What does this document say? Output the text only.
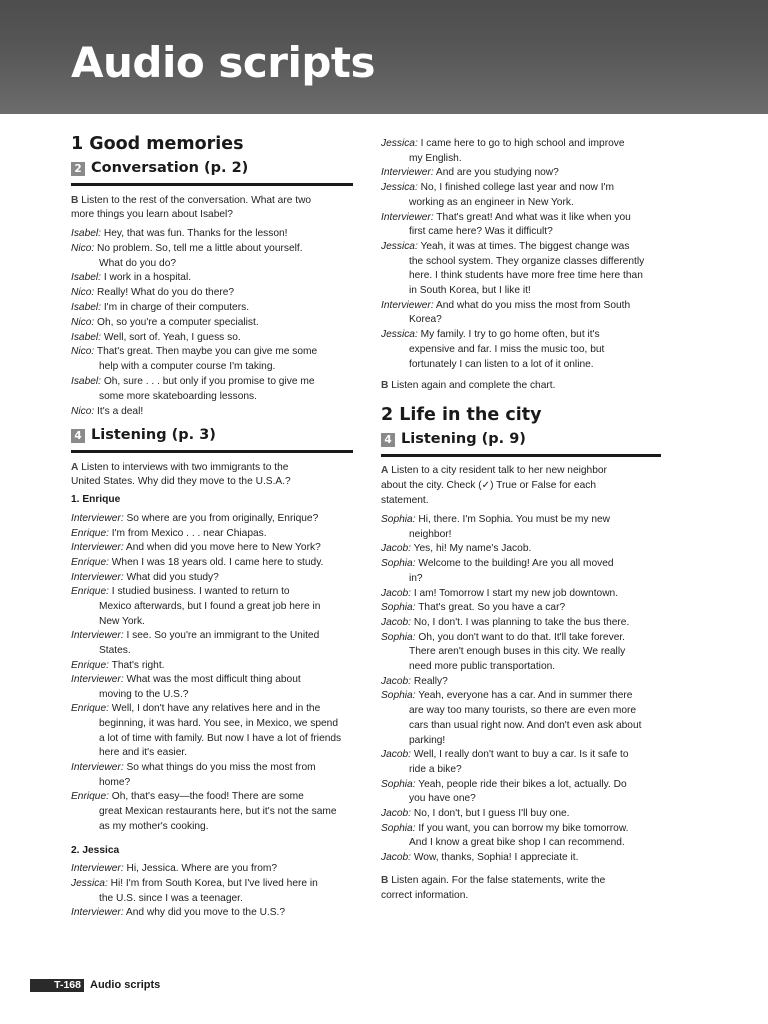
Audio scripts
1 Good memories
2 Conversation (p. 2)
B Listen to the rest of the conversation. What are two
more things you learn about Isabel?
Isabel: Hey, that was fun. Thanks for the lesson!
Nico: No problem. So, tell me a little about yourself.
What do you do?
Isabel: I work in a hospital.
Nico: Really! What do you do there?
Isabel: I'm in charge of their computers.
Nico: Oh, so you're a computer specialist.
Isabel: Well, sort of. Yeah, I guess so.
Nico: That's great. Then maybe you can give me some
help with a computer course I'm taking.
Isabel: Oh, sure . . . but only if you promise to give me
some more skateboarding lessons.
Nico: It's a deal!
4 Listening (p. 3)
A Listen to interviews with two immigrants to the
United States. Why did they move to the U.S.A.?
1. Enrique
Interviewer: So where are you from originally, Enrique?
Enrique: I'm from Mexico . . . near Chiapas.
Interviewer: And when did you move here to New York?
Enrique: When I was 18 years old. I came here to study.
Interviewer: What did you study?
Enrique: I studied business. I wanted to return to
Mexico afterwards, but I found a great job here in
New York.
Interviewer: I see. So you're an immigrant to the United
States.
Enrique: That's right.
Interviewer: What was the most difficult thing about
moving to the U.S.?
Enrique: Well, I don't have any relatives here and in the
beginning, it was hard. You see, in Mexico, we spend
a lot of time with family. But now I have a lot of friends
here and it's easier.
Interviewer: So what things do you miss the most from
home?
Enrique: Oh, that's easy—the food! There are some
great Mexican restaurants here, but it's not the same
as my mother's cooking.
2. Jessica
Interviewer: Hi, Jessica. Where are you from?
Jessica: Hi! I'm from South Korea, but I've lived here in
the U.S. since I was a teenager.
Interviewer: And why did you move to the U.S.?
Jessica: I came here to go to high school and improve
my English.
Interviewer: And are you studying now?
Jessica: No, I finished college last year and now I'm
working as an engineer in New York.
Interviewer: That's great! And what was it like when you
first came here? Was it difficult?
Jessica: Yeah, it was at times. The biggest change was
the school system. They organize classes differently
here. I think students have more free time here than
in South Korea, but I like it!
Interviewer: And what do you miss the most from South
Korea?
Jessica: My family. I try to go home often, but it's
expensive and far. I miss the music too, but
fortunately I can listen to a lot of it online.
B Listen again and complete the chart.
2 Life in the city
4 Listening (p. 9)
A Listen to a city resident talk to her new neighbor
about the city. Check (✓) True or False for each
statement.
Sophia: Hi, there. I'm Sophia. You must be my new
neighbor!
Jacob: Yes, hi! My name's Jacob.
Sophia: Welcome to the building! Are you all moved
in?
Jacob: I am! Tomorrow I start my new job downtown.
Sophia: That's great. So you have a car?
Jacob: No, I don't. I was planning to take the bus there.
Sophia: Oh, you don't want to do that. It'll take forever.
There aren't enough buses in this city. We really
need more public transportation.
Jacob: Really?
Sophia: Yeah, everyone has a car. And in summer there
are way too many tourists, so there are even more
cars than usual right now. And don't even ask about
parking!
Jacob: Well, I really don't want to buy a car. Is it safe to
ride a bike?
Sophia: Yeah, people ride their bikes a lot, actually. Do
you have one?
Jacob: No, I don't, but I guess I'll buy one.
Sophia: If you want, you can borrow my bike tomorrow.
And I know a great bike shop I can recommend.
Jacob: Wow, thanks, Sophia! I appreciate it.
B Listen again. For the false statements, write the
correct information.
T-168 Audio scripts
